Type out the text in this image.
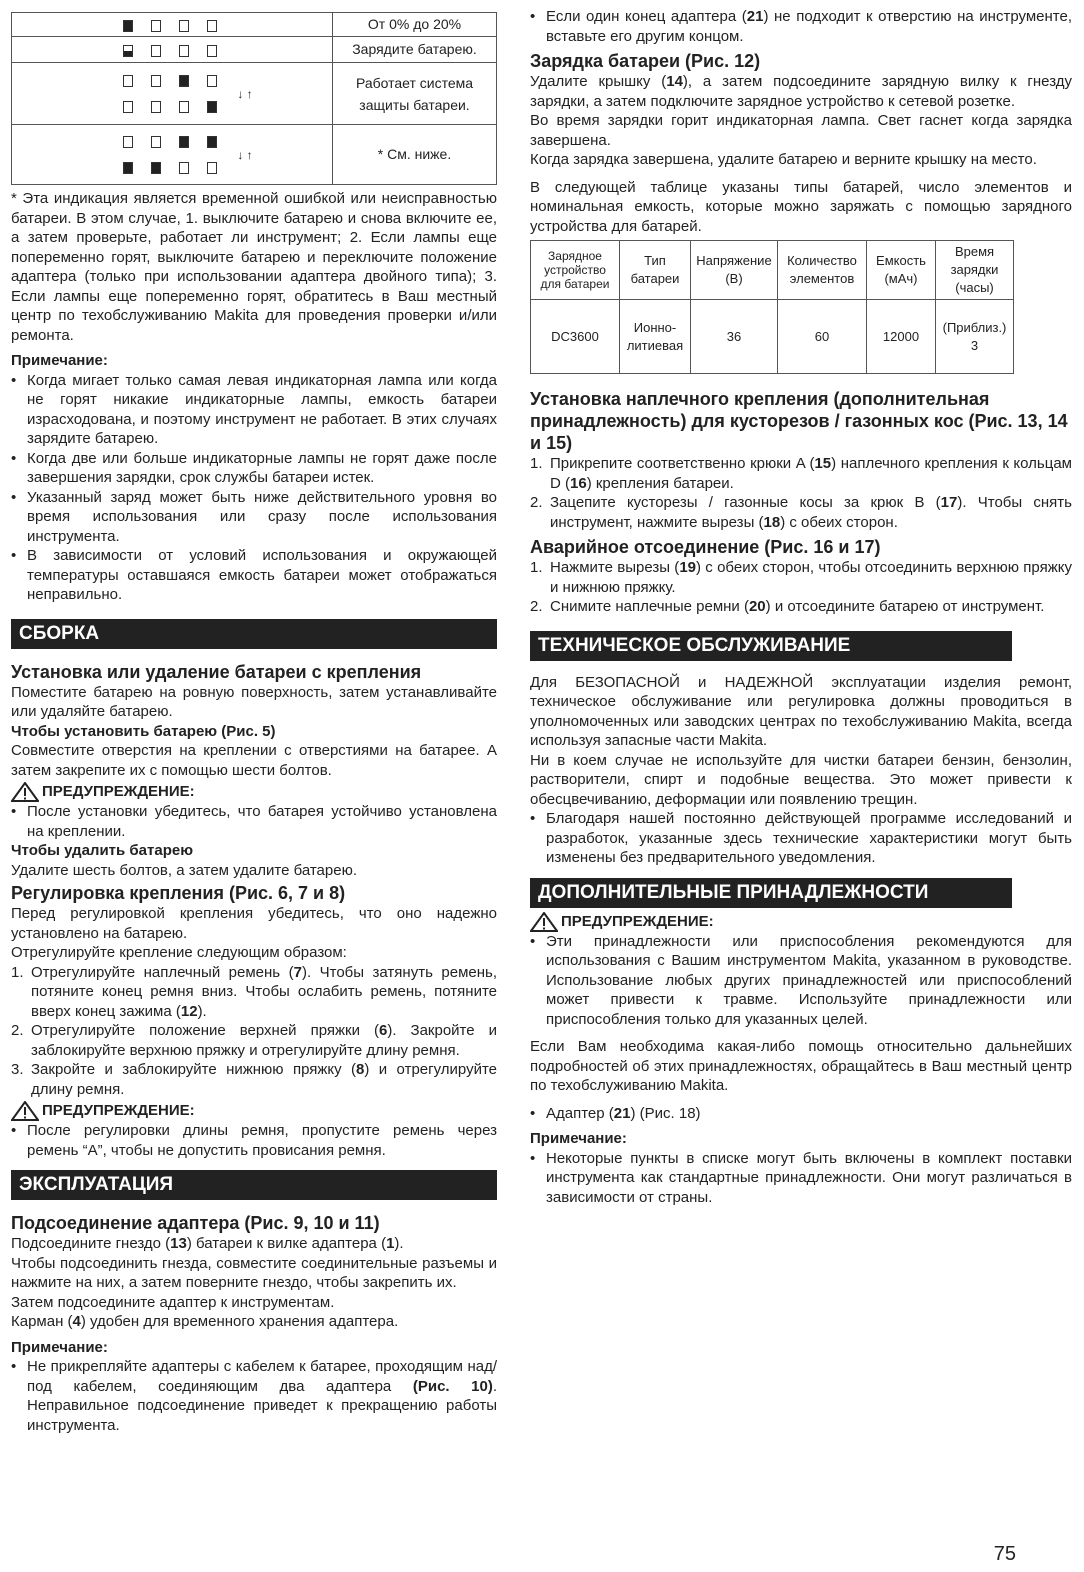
	От 0% до 20%

	Зарядите батарею.

↓ ↑	Работает система защиты батареи.

↓ ↑	* См. ниже.

* Эта индикация является временной ошибкой или неисправностью батареи. В этом случае, 1. выключите батарею и снова включите ее, а затем проверьте, работает ли инструмент; 2. Если лампы еще попеременно горят, выключите батарею и переключите положение адаптера (только при использовании адаптера двойного типа); 3. Если лампы еще попеременно горят, обратитесь в Ваш местный центр по техобслуживанию Makita для проведения проверки и/или ремонта.

Примечание:
• Когда мигает только самая левая индикаторная лампа или когда не горят никакие индикаторные лампы, емкость батареи израсходована, и поэтому инструмент не работает. В этих случаях зарядите батарею.
• Когда две или больше индикаторные лампы не горят даже после завершения зарядки, срок службы батареи истек.
• Указанный заряд может быть ниже действительного уровня во время использования или сразу после использования инструмента.
• В зависимости от условий использования и окружающей температуры оставшаяся емкость батареи может отображаться неправильно.
СБОРКА
Установка или удаление батареи с крепления

Поместите батарею на ровную поверхность, затем устанавливайте или удаляйте батарею.

Чтобы установить батарею (Рис. 5)

Совместите отверстия на креплении с отверстиями на батарее. А затем закрепите их с помощью шести болтов.

ПРЕДУПРЕЖДЕНИЕ:
• После установки убедитесь, что батарея устойчиво установлена на креплении.
Чтобы удалить батарею

Удалите шесть болтов, а затем удалите батарею.

Регулировка крепления (Рис. 6, 7 и 8)

Перед регулировкой крепления убедитесь, что оно надежно установлено на батарею.

Отрегулируйте крепление следующим образом:

1. Отрегулируйте наплечный ремень (7). Чтобы затянуть ремень, потяните конец ремня вниз. Чтобы ослабить ремень, потяните вверх конец зажима (12).
2. Отрегулируйте положение верхней пряжки (6). Закройте и заблокируйте верхнюю пряжку и отрегулируйте длину ремня.
3. Закройте и заблокируйте нижнюю пряжку (8) и отрегулируйте длину ремня.
ПРЕДУПРЕЖДЕНИЕ:
• После регулировки длины ремня, пропустите ремень через ремень “А”, чтобы не допустить провисания ремня.
ЭКСПЛУАТАЦИЯ
Подсоединение адаптера (Рис. 9, 10 и 11)

Подсоедините гнездо (13) батареи к вилке адаптера (1).

Чтобы подсоединить гнезда, совместите соединительные разъемы и нажмите на них, а затем поверните гнездо, чтобы закрепить их.

Затем подсоедините адаптер к инструментам.

Карман (4) удобен для временного хранения адаптера.

Примечание:
• Не прикрепляйте адаптеры с кабелем к батарее, проходящим над/под кабелем, соединяющим два адаптера (Рис. 10). Неправильное подсоединение приведет к прекращению работы инструмента.
• Если один конец адаптера (21) не подходит к отверстию на инструменте, вставьте его другим концом.
Зарядка батареи (Рис. 12)

Удалите крышку (14), а затем подсоедините зарядную вилку к гнезду зарядки, а затем подключите зарядное устройство к сетевой розетке.

Во время зарядки горит индикаторная лампа. Свет гаснет когда зарядка завершена.

Когда зарядка завершена, удалите батарею и верните крышку на место.

В следующей таблице указаны типы батарей, число элементов и номинальная емкость, которые можно заряжать с помощью зарядного устройства для батарей.

Зарядное устройство для батареи	Тип батареи	Напряжение (В)	Количество элементов	Емкость (мАч)	Время зарядки (часы)
DC3600	Ионно-литиевая	36	60	12000	(Приблиз.) 3
Установка наплечного крепления (дополнительная принадлежность) для кусторезов / газонных кос (Рис. 13, 14 и 15)
1. Прикрепите соответственно крюки A (15) наплечного крепления к кольцам D (16) крепления батареи.
2. Зацепите кусторезы / газонные косы за крюк B (17). Чтобы снять инструмент, нажмите вырезы (18) с обеих сторон.
Аварийное отсоединение (Рис. 16 и 17)
1. Нажмите вырезы (19) с обеих сторон, чтобы отсоединить верхнюю пряжку и нижнюю пряжку.
2. Снимите наплечные ремни (20) и отсоедините батарею от инструмент.
ТЕХНИЧЕСКОЕ ОБСЛУЖИВАНИЕ

Для БЕЗОПАСНОЙ и НАДЕЖНОЙ эксплуатации изделия ремонт, техническое обслуживание или регулировка должны проводиться в уполномоченных или заводских центрах по техобслуживанию Makita, всегда используя запасные части Makita.

Ни в коем случае не используйте для чистки батареи бензин, бензолин, растворители, спирт и подобные вещества. Это может привести к обесцвечиванию, деформации или появлению трещин.

• Благодаря нашей постоянно действующей программе исследований и разработок, указанные здесь технические характеристики могут быть изменены без предварительного уведомления.
ДОПОЛНИТЕЛЬНЫЕ ПРИНАДЛЕЖНОСТИ
ПРЕДУПРЕЖДЕНИЕ:
• Эти принадлежности или приспособления рекомендуются для использования с Вашим инструментом Makita, указанном в руководстве. Использование любых других принадлежностей или приспособлений может привести к травме. Используйте принадлежности или приспособления только для указанных целей.

Если Вам необходима какая-либо помощь относительно дальнейших подробностей об этих принадлежностях, обращайтесь в Ваш местный центр по техобслуживанию Makita.

• Адаптер (21) (Рис. 18)
Примечание:
• Некоторые пункты в списке могут быть включены в комплект поставки инструмента как стандартные принадлежности. Они могут различаться в зависимости от страны.
75
